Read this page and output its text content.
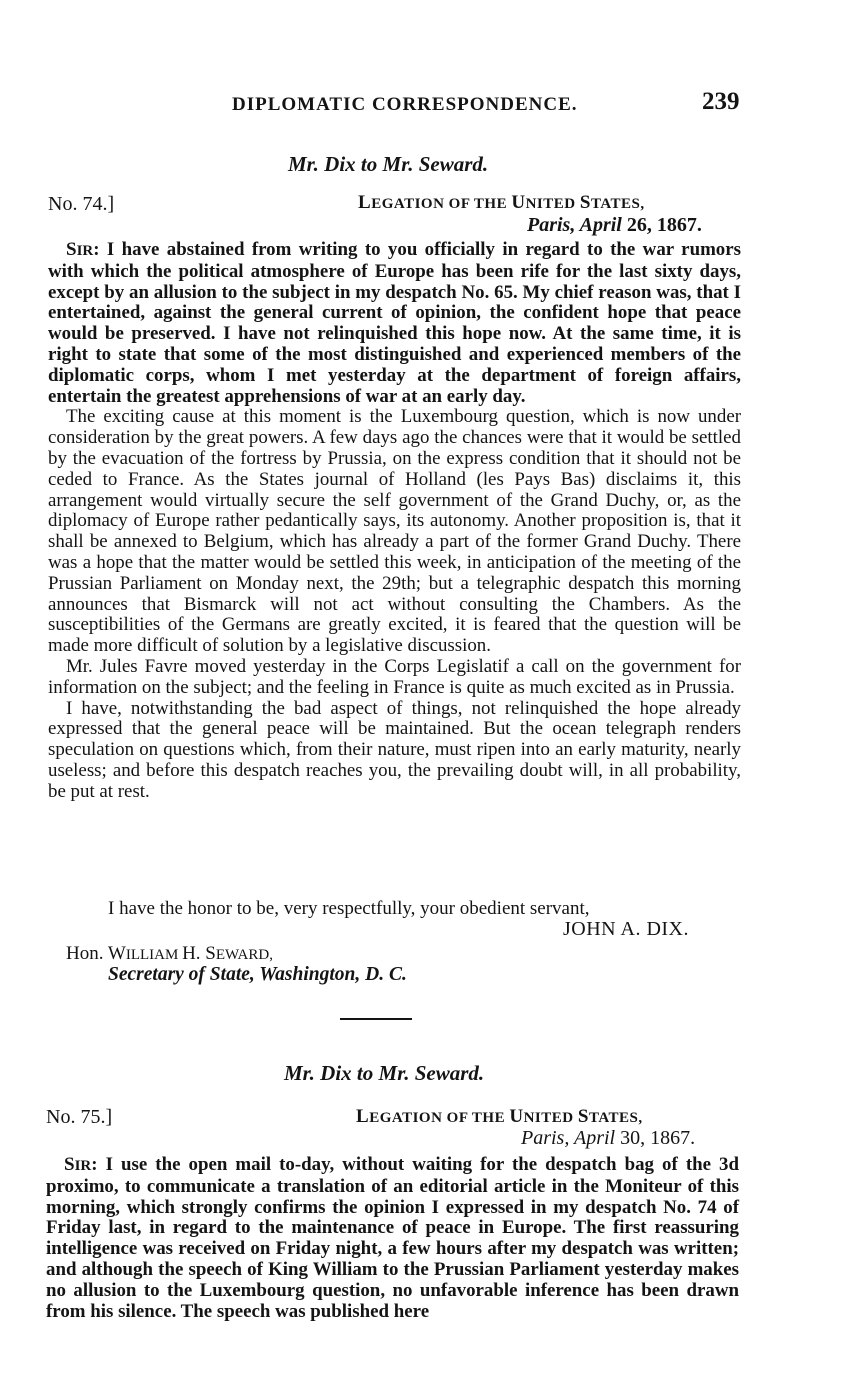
DIPLOMATIC CORRESPONDENCE.	239
Mr. Dix to Mr. Seward.
No. 74.]	LEGATION OF THE UNITED STATES,
Paris, April 26, 1867.

SIR: I have abstained from writing to you officially in regard to the war rumors with which the political atmosphere of Europe has been rife for the last sixty days, except by an allusion to the subject in my despatch No. 65. My chief reason was, that I entertained, against the general current of opinion, the confident hope that peace would be preserved. I have not relinquished this hope now. At the same time, it is right to state that some of the most distinguished and experienced members of the diplomatic corps, whom I met yesterday at the department of foreign affairs, entertain the greatest apprehensions of war at an early day.

The exciting cause at this moment is the Luxembourg question, which is now under consideration by the great powers. A few days ago the chances were that it would be settled by the evacuation of the fortress by Prussia, on the express condition that it should not be ceded to France. As the States journal of Holland (les Pays Bas) disclaims it, this arrangement would virtually secure the self government of the Grand Duchy, or, as the diplomacy of Europe rather pedantically says, its autonomy. Another proposition is, that it shall be annexed to Belgium, which has already a part of the former Grand Duchy. There was a hope that the matter would be settled this week, in anticipation of the meeting of the Prussian Parliament on Monday next, the 29th; but a telegraphic despatch this morning announces that Bismarck will not act without consulting the Chambers. As the susceptibilities of the Germans are greatly excited, it is feared that the question will be made more difficult of solution by a legislative discussion.

Mr. Jules Favre moved yesterday in the Corps Legislatif a call on the government for information on the subject; and the feeling in France is quite as much excited as in Prussia.

I have, notwithstanding the bad aspect of things, not relinquished the hope already expressed that the general peace will be maintained. But the ocean telegraph renders speculation on questions which, from their nature, must ripen into an early maturity, nearly useless; and before this despatch reaches you, the prevailing doubt will, in all probability, be put at rest.

I have the honor to be, very respectfully, your obedient servant,
JOHN A. DIX.
Hon. WILLIAM H. SEWARD,
Secretary of State, Washington, D. C.
Mr. Dix to Mr. Seward.
No. 75.]	LEGATION OF THE UNITED STATES,
Paris, April 30, 1867.

SIR: I use the open mail to-day, without waiting for the despatch bag of the 3d proximo, to communicate a translation of an editorial article in the Moniteur of this morning, which strongly confirms the opinion I expressed in my despatch No. 74 of Friday last, in regard to the maintenance of peace in Europe. The first reassuring intelligence was received on Friday night, a few hours after my despatch was written; and although the speech of King William to the Prussian Parliament yesterday makes no allusion to the Luxembourg question, no unfavorable inference has been drawn from his silence. The speech was published here
